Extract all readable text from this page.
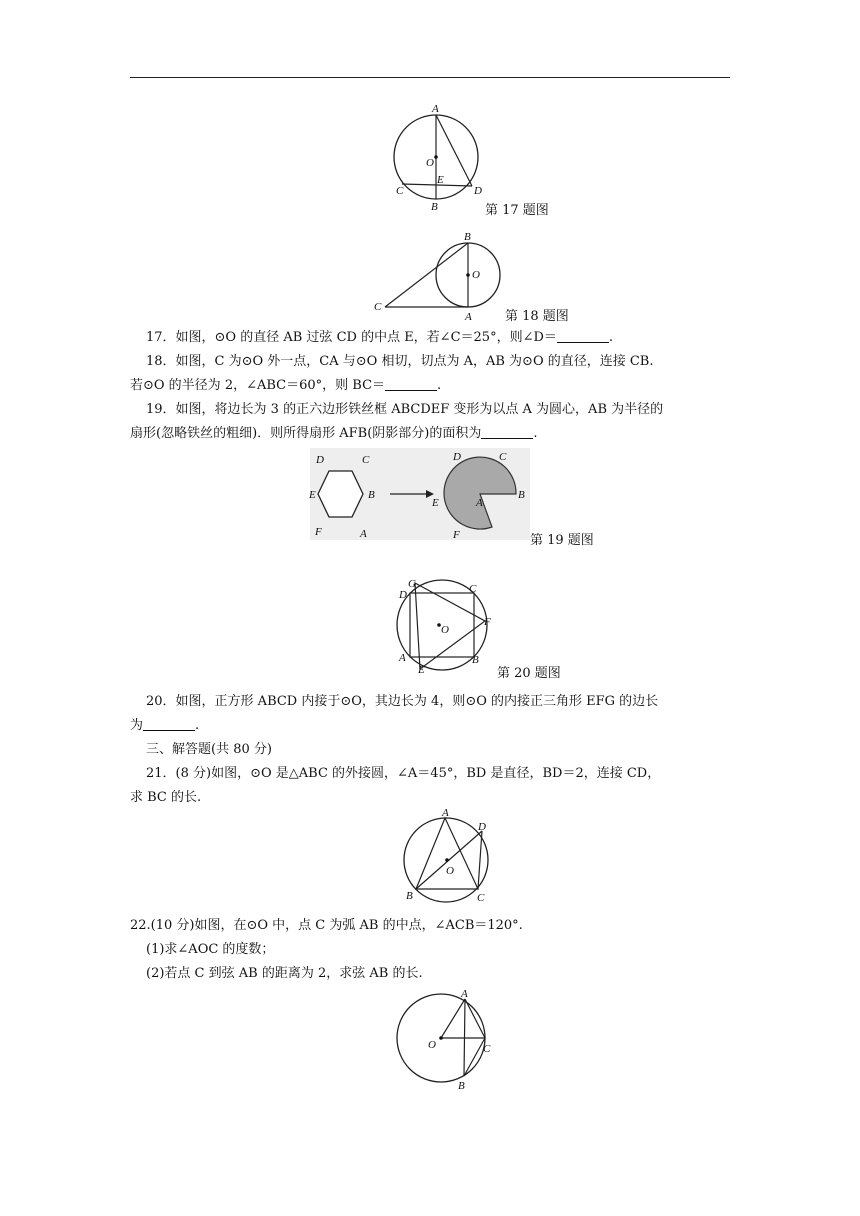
A
O
E
C	D
B	第 17 题图
B
O
C
A	第 18 题图
17．如图，⊙O 的直径 AB 过弦 CD 的中点 E，若∠C＝25°，则∠D＝	.
18．如图，C 为⊙O 外一点，CA 与⊙O 相切，切点为 A，AB 为⊙O 的直径，连接 CB.
若⊙O 的半径为 2，∠ABC＝60°，则 BC＝	.
19．如图，将边长为 3 的正六边形铁丝框 ABCDEF 变形为以点 A 为圆心，AB 为半径的
扇形(忽略铁丝的粗细)．则所得扇形 AFB(阴影部分)的面积为	.
D	C
E	B
F	A
D	C
E	A
B
F	第 19 题图
G
D	C
F
O
A	B
E	第 20 题图
20．如图，正方形 ABCD 内接于⊙O，其边长为 4，则⊙O 的内接正三角形 EFG 的边长
为	.
三、解答题(共 80 分)
21．(8 分)如图，⊙O 是△ABC 的外接圆，∠A＝45°，BD 是直径，BD＝2，连接 CD，
求 BC 的长.
A
D
O
B	C
22.(10 分)如图，在⊙O 中，点 C 为弧 AB 的中点，∠ACB＝120°.
(1)求∠AOC 的度数；
(2)若点 C 到弦 AB 的距离为 2，求弦 AB 的长.
A
O	C
B
